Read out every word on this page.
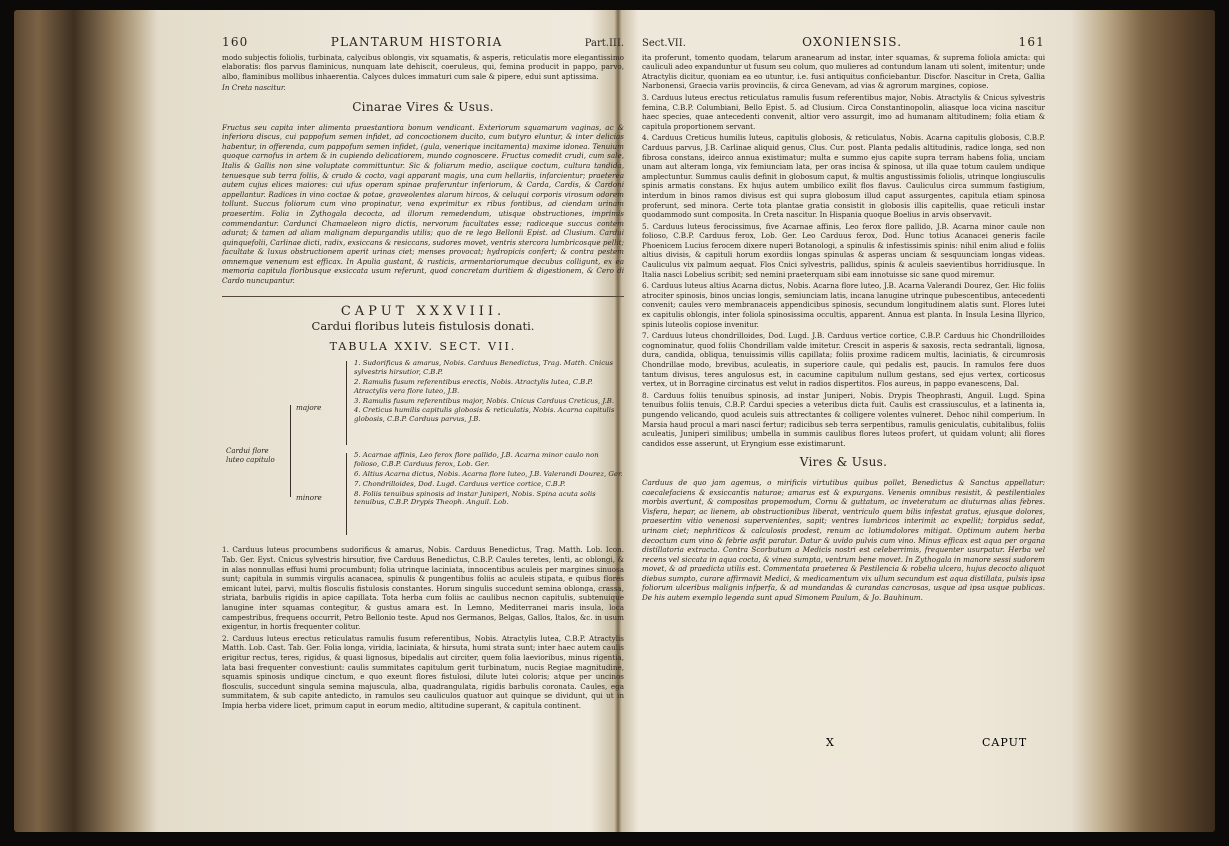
160	PLANTARUM HISTORIA	Part.III.

modo subjectis foliolis, turbinata, calycibus oblongis, vix squamatis, & asperis, reticulatis more elegantissimo elaboratis: flos parvus flaminicus, nunquam late dehiscit, coeruleus, qui, femina producit in pappo, parvo, albo, flaminibus mollibus inhaerentia. Calyces dulces immaturi cum sale & pipere, edui sunt aptissima.

In Creta nascitur.

Cinarae Vires & Usus.

Fructus seu capita inter alimenta praestantiora bonum vendicant. Exteriorum squamarum vaginas, ac & inferiora discus, cui pappofum semen infidet, ad concoctionem ducito, cum butyro eluntur, & inter delicias habentur, in offerenda, cum pappofum semen infidet, (gula, venerique incitamenta) maxime idonea. Tenuium quoque carnofus in artem & in cupiendo delicatiorem, mundo cognoscere. Fructus comedit crudi, cum sale, Italis & Gallis non sine voluptate committuntur. Sic & foliarum medio, asciique coctum, cultura tandida, tenuesque sub terra foliis, & crudo & cocto, vagi apparant magis, una cum hellariis, infarcientur; praeterea autem cujus elices maiores: cui ufus operam spinae praferuntur inferiorum, & Carda, Cardis, & Cardoni appellantur. Radices in vino coctae & potae, graveolentes alarum hircos, & celuqui corporis virosum odorem tollunt. Succus foliorum cum vino propinatur, vena exprimitur ex ribus fontibus, ad ciendam urinam praesertim. Folia in Zythogala decocta, ad illorum remedendum, utisque obstructiones, imprimis commendantur. Cardunci Chamaeleon nigro dictis, nervorum facultates esse; radiceque succus contem adurat; & tamen ad aliam malignam depurgandis utilis; quo de re lego Bellonii Epist. ad Clusium. Cardui quinquefolii, Carlinae dicti, radix, exsiccans & resiccans, sudores movet, ventris stercora lumbricosque pellit; facultate & luxus obstructionem aperit urinas ciet; menses provocat; hydropicis confert; & contra pestem omnemque venenum est efficax. In Apulia gustant, & rusticis, armentariorumque decubus colligunt, ex ea memoria capitula floribusque exsiccata usum referunt, quod concretam duritiem & digestionem, & Cero di Cardo nuncupantur.

CAPUT XXXVIII.
Cardui floribus luteis fistulosis donati.
TABULA XXIV. SECT. VII.
Cardui flore luteo capitulo
majore
minore
1. Sudorificus & amarus, Nobis. Carduus Benedictus, Trag. Matth. Cnicus sylvestris hirsutior, C.B.P.
2. Ramulis fusum referentibus erectis, Nobis. Atractylis lutea, C.B.P. Atractylis vera flore luteo, J.B.
3. Ramulis fusum referentibus major, Nobis. Cnicus Carduus Creticus, J.B.
4. Creticus humilis capitulis globosis & reticulatis, Nobis. Acarna capitulis globosis, C.B.P. Carduus parvus, J.B.
5. Acarnae affinis, Leo ferox flore pallido, J.B. Acarna minor caulo non folioso, C.B.P. Carduus ferox, Lob. Ger.
6. Altius Acarna dictus, Nobis. Acarna flore luteo, J.B. Valerandi Dourez, Ger.
7. Chondrilloides, Dod. Lugd. Carduus vertice cortice, C.B.P.
8. Foliis tenuibus spinosis ad instar Juniperi, Nobis. Spina acuta solis tenuibus, C.B.P. Drypis Theoph. Anguil. Lob.

1. Carduus luteus procumbens sudorificus & amarus, Nobis. Carduus Benedictus, Trag. Matth. Lob. Icon. Tab. Ger. Eyst. Cnicus sylvestris hirsutior, five Carduus Benedictus, C.B.P. Caules teretes, lenti, ac oblongi, & in alas nonnullas effusi humi procumbunt; folia utrinque laciniata, innocentibus aculeis per margines sinuosa sunt; capitula in summis virgulis acanacea, spinulis & pungentibus foliis ac aculeis stipata, e quibus flores emicant lutei, parvi, multis flosculis fistulosis constantes. Horum singulis succedunt semina oblonga, crassa, striata, barbulis rigidis in apice capillata. Tota herba cum foliis ac caulibus necnon capitulis, subtenuique lanugine inter squamas contegitur, & gustus amara est. In Lemno, Mediterranei maris insula, loca campestribus, frequens occurrit, Petro Bellonio teste. Apud nos Germanos, Belgas, Gallos, Italos, &c. in usum exigentur, in hortis frequenter colitur.

2. Carduus luteus erectus reticulatus ramulis fusum referentibus, Nobis. Atractylis lutea, C.B.P. Atractylis Matth. Lob. Cast. Tab. Ger. Folia longa, viridia, laciniata, & hirsuta, humi strata sunt; inter haec autem caulis erigitur rectus, teres, rigidus, & quasi lignosus, bipedalis aut circiter, quem folia laevioribus, minus rigentia, lata basi frequenter convestiunt: caulis summitates capitulum gerit turbinatum, nucis Regiae magnitudine, squamis spinosis undique cinctum, e quo exeunt flores fistulosi, dilute lutei coloris; atque per uncinos flosculis, succedunt singula semina majuscula, alba, quadrangulata, rigidis barbulis coronata. Caules, ega summitatem, & sub capite antedicto, in ramulos seu cauliculos quatuor aut quinque se dividunt, qui ut in Impia herba videre licet, primum caput in eorum medio, altitudine superant, & capitula continent.

Sect.VII.	OXONIENSIS.	161

ita proferunt, tomento quodam, telarum aranearum ad instar, inter squamas, & suprema foliola amicta: qui cauliculi adeo expanduntur ut fusum seu colum, quo mulieres ad contundum lanam uti solent, imitentur; unde Atractylis dicitur, quoniam ea eo utuntur, i.e. fusi antiquitus conficiebantur. Discfor. Nascitur in Creta, Gallia Narbonensi, Graecia variis provinciis, & circa Genevam, ad vias & agrorum margines, copiose.

3. Carduus luteus erectus reticulatus ramulis fusum referentibus major, Nobis. Atractylis & Cnicus sylvestris femina, C.B.P. Columbiani, Bello Epist. 5. ad Clusium. Circa Constantinopolin, aliasque loca vicina nascitur haec species, quae antecedenti convenit, altior vero assurgit, imo ad humanam altitudinem; folia etiam & capitula proportionem servant.

4. Carduus Creticus humilis luteus, capitulis globosis, & reticulatus, Nobis. Acarna capitulis globosis, C.B.P. Carduus parvus, J.B. Carlinae aliquid genus, Clus. Cur. post. Planta pedalis altitudinis, radice longa, sed non fibrosa constans, ideirco annua existimatur; multa e summo ejus capite supra terram habens folia, unciam unam aut alteram longa, vix femiunciam lata, per oras incisa & spinosa, ut illa quae totum caulem undique amplectuntur. Summus caulis definit in globosum caput, & multis angustissimis foliolis, utrinque longiusculis spinis armatis constans. Ex hujus autem umbilico exilit flos flavus. Cauliculus circa summum fastigium, interdum in binos ramos divisus est qui supra globosum illud caput assurgentes, capitula etiam spinosa proferunt, sed minora. Certe tota plantae gratia consistit in globosis illis capitellis, quae reticuli instar quodammodo sunt composita. In Creta nascitur. In Hispania quoque Boelius in arvis observavit.

5. Carduus luteus ferocissimus, five Acarnae affinis, Leo ferox flore pallido, J.B. Acarna minor caule non folioso, C.B.P. Carduus ferox, Lob. Ger. Leo Carduus ferox, Dod. Hunc totius Acanacei generis facile Phoenicem Lucius ferocem dixere nuperi Botanologi, a spinulis & infestissimis spinis: nihil enim aliud e foliis altius divisis, & capituli horum exordiis longas spinulas & asperas unciam & sesquunciam longas videas. Cauliculus vix palmum aequat. Flos Cnici sylvestris, pallidus, spinis & aculeis saevientibus horridiusque. In Italia nasci Lobelius scribit; sed nemini praeterquam sibi eam innotuisse sic sane quod miremur.

6. Carduus luteus altius Acarna dictus, Nobis. Acarna flore luteo, J.B. Acarna Valerandi Dourez, Ger. Hic foliis atrociter spinosis, binos uncias longis, semiunciam latis, incana lanugine utrinque pubescentibus, antecedenti convenit; caules vero membranaceis appendicibus spinosis, secundum longitudinem alatis sunt. Flores lutei ex capitulis oblongis, inter foliola spinosissima occultis, apparent. Annua est planta. In Insula Lesina Illyrico, spinis luteolis copiose invenitur.

7. Carduus luteus chondrilloides, Dod. Lugd. J.B. Carduus vertice cortice, C.B.P. Carduus hic Chondrilloides cognominatur, quod foliis Chondrillam valde imitetur. Crescit in asperis & saxosis, recta sedrantali, lignosa, dura, candida, obliqua, tenuissimis villis capillata; foliis proxime radicem multis, laciniatis, & circumrosis Chondrillae modo, brevibus, aculeatis, in superiore caule, qui pedalis est, paucis. In ramulos fere duos tantum divisus, teres angulosus est, in cacumine capitulum nullum gestans, sed ejus vertex, corticosus vertex, ut in Borragine circinatus est velut in radios dispertitos. Flos aureus, in pappo evanescens, Dal.

8. Carduus foliis tenuibus spinosis, ad instar Juniperi, Nobis. Drypis Theophrasti, Anguil. Lugd. Spina tenuibus foliis tenuis, C.B.P. Cardui species a veteribus dicta fuit. Caulis est crassiusculus, et a latinenta ia, pungendo velicando, quod aculeis suis attrectantes & colligere volentes vulneret. Dehoc nihil comperium. In Marsia haud procul a mari nasci fertur; radicibus seb terra serpentibus, ramulis geniculatis, cubitalibus, foliis aculeatis, Juniperi similibus; umbella in summis caulibus flores luteos profert, ut quidam volunt; alii flores candidos esse asserunt, ut Eryngium esse existimarunt.

Vires & Usus.

Carduus de quo jam agemus, o mirificis virtutibus quibus pollet, Benedictus & Sanctus appellatur: caecalefaciens & exsiccantis naturae; amarus est & expurgans. Venenis omnibus resistit, & pestilentiales morbis avertunt, & compositas propemodum, Cornu & guttatum, ac inveteratum ac diuturnas alias febres. Visfera, hepar, ac lienem, ab obstructionibus liberat, ventriculo quem bilis infestat gratus, ejusque dolores, praesertim vitio venenosi supervenientes, sapit; ventres lumbricos interimit ac expellit; torpidus sedat, urinam ciet; nephriticos & calculosis prodest, renum ac lotiumdolores mitigat. Optimum autem herba decoctum cum vino & febrie asfit paratur. Datur & uvido pulvis cum vino. Minus efficax est aqua per organa distillatoria extracta. Contra Scorbutum a Medicis nostri est celeberrimis, frequenter usurpatur. Herba vel recens vel siccata in aqua cocta, & vinea sumpta, ventrum bene movet. In Zythogala in manore sessi sudorem movet, & ad praedicta utilis est. Commentata praeterea & Pestilencia & robelia ulcera, hujus decocto aliquot diebus sumpto, curare affirmavit Medici, & medicamentum vix ullum secundum est aqua distillata, pulsis ipsa foliorum ulceribus malignis infperfa, & ad mundandas & curandas cancrosas, usque ad ipsa usque publicas. De his autem exemplo legenda sunt apud Simonem Paulum, & Jo. Bauhinum.

X	CAPUT
